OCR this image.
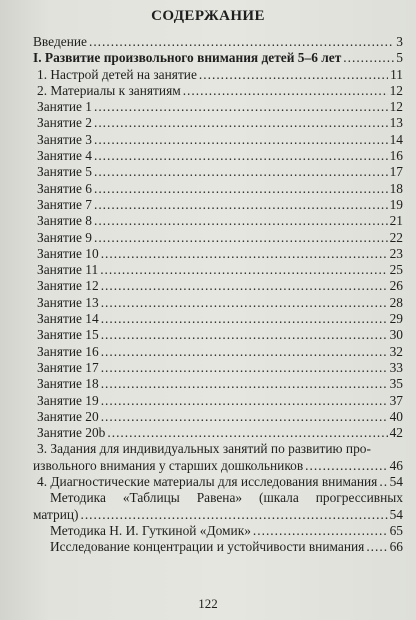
СОДЕРЖАНИЕ
Введение .....	3
I. Развитие произвольного внимания детей 5–6 лет .....	5
1. Настрой детей на занятие .....	11
2. Материалы к занятиям .....	12
Занятие 1 .....	12
Занятие 2 .....	13
Занятие 3 .....	14
Занятие 4 .....	16
Занятие 5 .....	17
Занятие 6 .....	18
Занятие 7 .....	19
Занятие 8 .....	21
Занятие 9 .....	22
Занятие 10 .....	23
Занятие 11 .....	25
Занятие 12 .....	26
Занятие 13 .....	28
Занятие 14 .....	29
Занятие 15 .....	30
Занятие 16 .....	32
Занятие 17 .....	33
Занятие 18 .....	35
Занятие 19 .....	37
Занятие 20 .....	40
Занятие 20b .....	42
3. Задания для индивидуальных занятий по развитию про-
извольного внимания у старших дошкольников .....	46
4. Диагностические материалы для исследования внимания ..... 54
Методика «Таблицы Равена» (шкала прогрессивных
матриц) .....	54
Методика Н. И. Гуткиной «Домик» .....	65
Исследование концентрации и устойчивости внимания ..... 66
122
